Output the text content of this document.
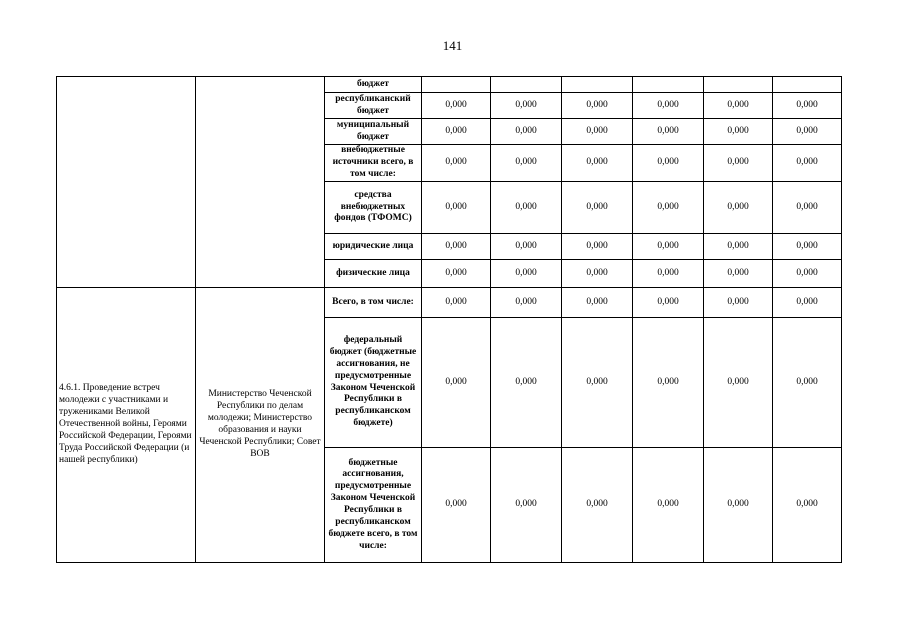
141
		бюджет						
		республиканский бюджет	0,000	0,000	0,000	0,000	0,000	0,000
		муниципальный бюджет	0,000	0,000	0,000	0,000	0,000	0,000
		внебюджетные источники всего, в том числе:	0,000	0,000	0,000	0,000	0,000	0,000
		средства внебюджетных фондов (ТФОМС)	0,000	0,000	0,000	0,000	0,000	0,000
		юридические лица	0,000	0,000	0,000	0,000	0,000	0,000
		физические лица	0,000	0,000	0,000	0,000	0,000	0,000
4.6.1. Проведение встреч молодежи с участниками и тружениками Великой Отечественной войны, Героями Российской Федерации, Героями Труда Российской Федерации (и нашей республики)	Министерство Чеченской Республики по делам молодежи; Министерство образования и науки Чеченской Республики; Совет ВОВ	Всего, в том числе:	0,000	0,000	0,000	0,000	0,000	0,000
		федеральный бюджет (бюджетные ассигнования, не предусмотренные Законом Чеченской Республики в республиканском бюджете)	0,000	0,000	0,000	0,000	0,000	0,000
		бюджетные ассигнования, предусмотренные Законом Чеченской Республики в республиканском бюджете всего, в том числе:	0,000	0,000	0,000	0,000	0,000	0,000
